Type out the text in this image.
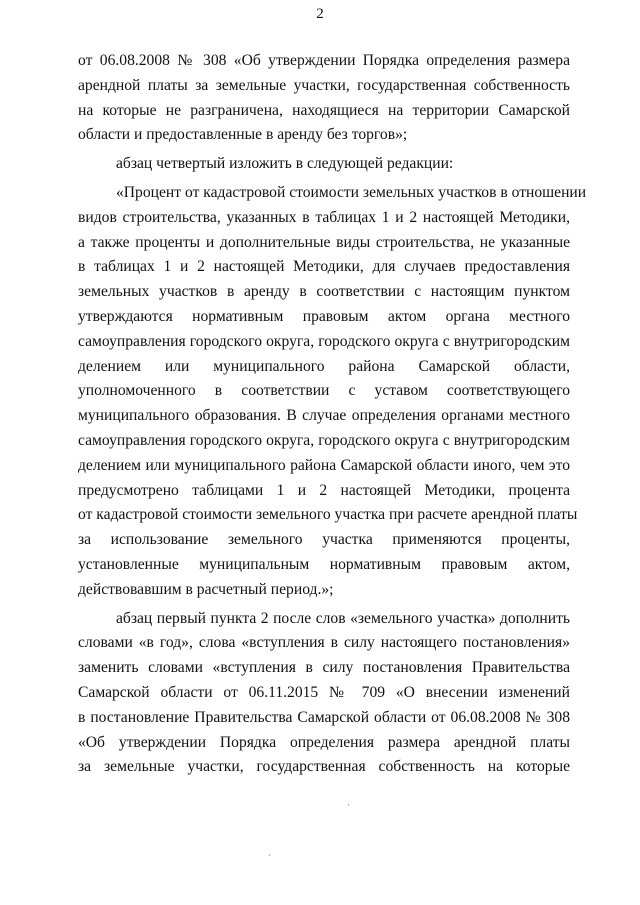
2
от 06.08.2008 № 308 «Об утверждении Порядка определения размера
арендной платы за земельные участки, государственная собственность
на которые не разграничена, находящиеся на территории Самарской
области и предоставленные в аренду без торгов»;
абзац четвертый изложить в следующей редакции:
«Процент от кадастровой стоимости земельных участков в отношении
видов строительства, указанных в таблицах 1 и 2 настоящей Методики,
а также проценты и дополнительные виды строительства, не указанные
в таблицах 1 и 2 настоящей Методики, для случаев предоставления
земельных участков в аренду в соответствии с настоящим пунктом
утверждаются нормативным правовым актом органа местного
самоуправления городского округа, городского округа с внутригородским
делением или муниципального района Самарской области,
уполномоченного в соответствии с уставом соответствующего
муниципального образования. В случае определения органами местного
самоуправления городского округа, городского округа с внутригородским
делением или муниципального района Самарской области иного, чем это
предусмотрено таблицами 1 и 2 настоящей Методики, процента
от кадастровой стоимости земельного участка при расчете арендной платы
за использование земельного участка применяются проценты,
установленные муниципальным нормативным правовым актом,
действовавшим в расчетный период.»;
абзац первый пункта 2 после слов «земельного участка» дополнить
словами «в год», слова «вступления в силу настоящего постановления»
заменить словами «вступления в силу постановления Правительства
Самарской области от 06.11.2015 № 709 «О внесении изменений
в постановление Правительства Самарской области от 06.08.2008 № 308
«Об утверждении Порядка определения размера арендной платы
за земельные участки, государственная собственность на которые
·
ˊ
